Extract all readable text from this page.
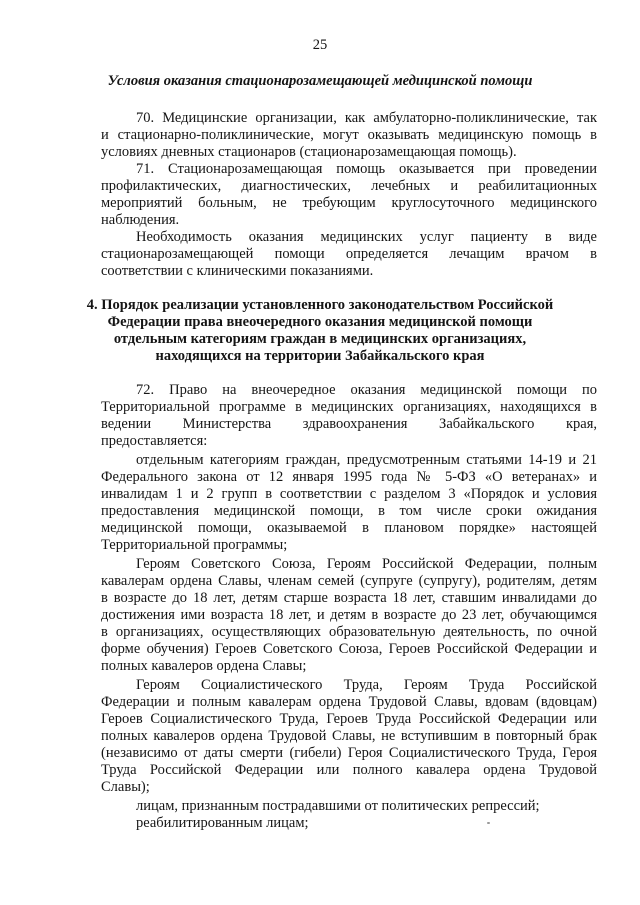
25
Условия оказания стационарозамещающей медицинской помощи
70. Медицинские организации, как амбулаторно-поликлинические, так
и стационарно-поликлинические, могут оказывать медицинскую помощь в
условиях дневных стационаров (стационарозамещающая помощь).
71. Стационарозамещающая помощь оказывается при проведении
профилактических, диагностических, лечебных и реабилитационных
мероприятий больным, не требующим круглосуточного медицинского
наблюдения.
Необходимость оказания медицинских услуг пациенту в виде
стационарозамещающей помощи определяется лечащим врачом в
соответствии с клиническими показаниями.
4. Порядок реализации установленного законодательством Российской
Федерации права внеочередного оказания медицинской помощи
отдельным категориям граждан в медицинских организациях,
находящихся на территории Забайкальского края
72. Право на внеочередное оказания медицинской помощи по
Территориальной программе в медицинских организациях, находящихся в
ведении Министерства здравоохранения Забайкальского края,
предоставляется:
отдельным категориям граждан, предусмотренным статьями 14-19 и 21
Федерального закона от 12 января 1995 года № 5-ФЗ «О ветеранах» и
инвалидам 1 и 2 групп в соответствии с разделом 3 «Порядок и условия
предоставления медицинской помощи, в том числе сроки ожидания
медицинской помощи, оказываемой в плановом порядке» настоящей
Территориальной программы;
Героям Советского Союза, Героям Российской Федерации, полным
кавалерам ордена Славы, членам семей (супруге (супругу), родителям, детям
в возрасте до 18 лет, детям старше возраста 18 лет, ставшим инвалидами до
достижения ими возраста 18 лет, и детям в возрасте до 23 лет, обучающимся
в организациях, осуществляющих образовательную деятельность, по очной
форме обучения) Героев Советского Союза, Героев Российской Федерации и
полных кавалеров ордена Славы;
Героям Социалистического Труда, Героям Труда Российской
Федерации и полным кавалерам ордена Трудовой Славы, вдовам (вдовцам)
Героев Социалистического Труда, Героев Труда Российской Федерации или
полных кавалеров ордена Трудовой Славы, не вступившим в повторный брак
(независимо от даты смерти (гибели) Героя Социалистического Труда, Героя
Труда Российской Федерации или полного кавалера ордена Трудовой
Славы);
лицам, признанным пострадавшими от политических репрессий;
реабилитированным лицам;
